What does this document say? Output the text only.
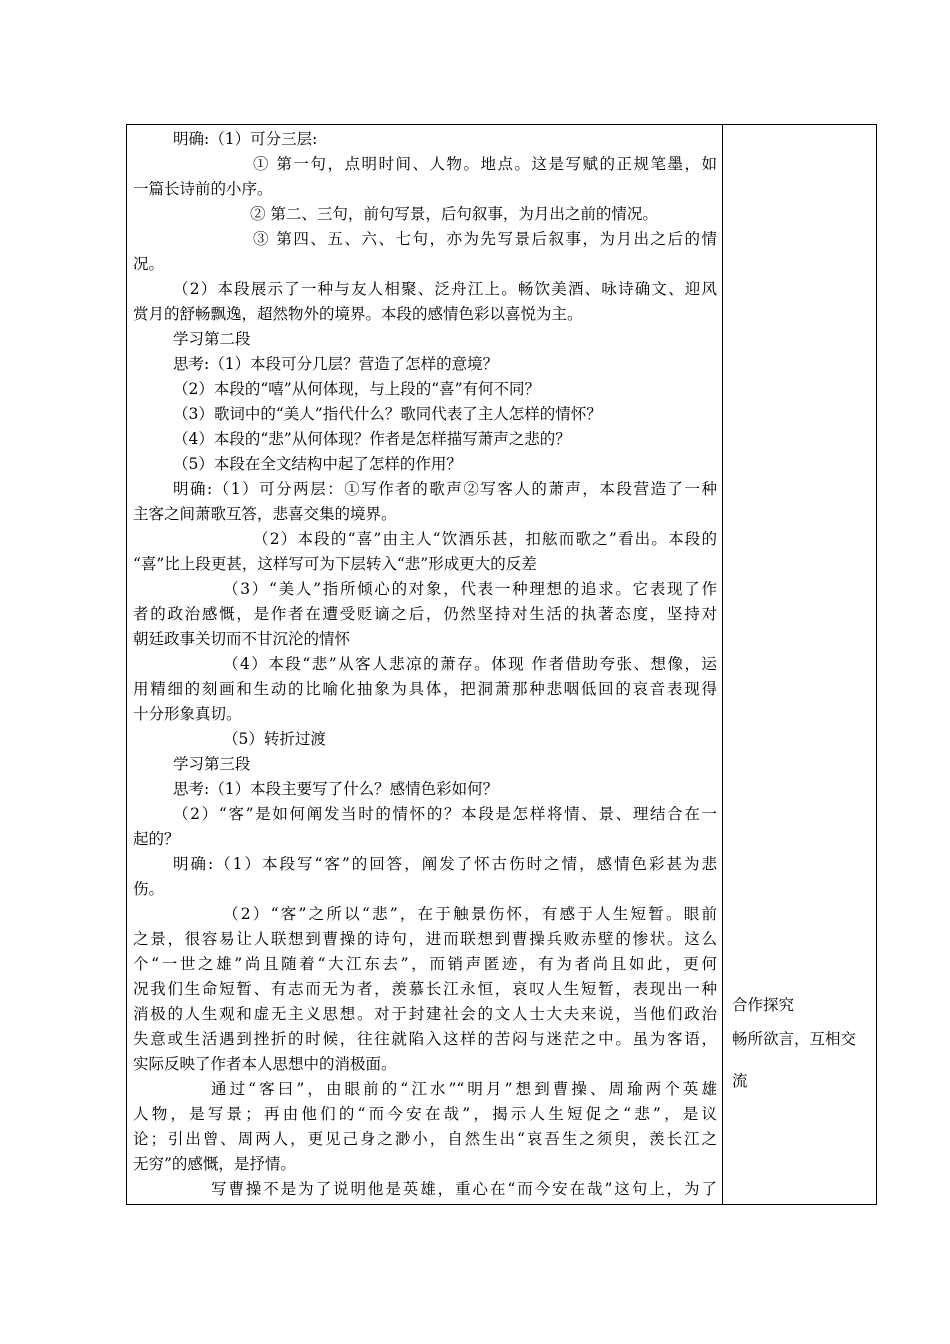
明确:（1）可分三层:
① 第一句，点明时间、人物。地点。这是写赋的正规笔墨，如
一篇长诗前的小序。
② 第二、三句，前句写景，后句叙事，为月出之前的情况。
③ 第四、五、六、七句，亦为先写景后叙事，为月出之后的情
况。
（2）本段展示了一种与友人相聚、泛舟江上。畅饮美酒、咏诗确文、迎风
赏月的舒畅飘逸，超然物外的境界。本段的感情色彩以喜悦为主。
学习第二段
思考:（1）本段可分几层？营造了怎样的意境？
（2）本段的“嘻”从何体现，与上段的“喜”有何不同？
（3）歌词中的“美人”指代什么？歌同代表了主人怎样的情怀？
（4）本段的“悲”从何体现？作者是怎样描写萧声之悲的？
（5）本段在全文结构中起了怎样的作用？
明确:（1）可分两层：①写作者的歌声②写客人的萧声，本段营造了一种
主客之间萧歌互答，悲喜交集的境界。
（2）本段的“喜”由主人“饮酒乐甚，扣舷而歌之”看出。本段的
“喜”比上段更甚，这样写可为下层转入“悲”形成更大的反差
（3）“美人”指所倾心的对象，代表一种理想的追求。它表现了作
者的政治感慨，是作者在遭受贬谪之后，仍然坚持对生活的执著态度，坚持对
朝廷政事关切而不甘沉沦的情怀
（4）本段“悲”从客人悲凉的萧存。体现 作者借助夸张、想像，运
用精细的刻画和生动的比喻化抽象为具体，把洞萧那种悲咽低回的哀音表现得
十分形象真切。
（5）转折过渡
学习第三段
思考:（1）本段主要写了什么？感情色彩如何？
（2）“客”是如何阐发当时的情怀的？本段是怎样将情、景、理结合在一
起的？
明确:（1）本段写“客”的回答，阐发了怀古伤时之情，感情色彩甚为悲
伤。
（2）“客”之所以“悲”，在于触景伤怀，有感于人生短暂。眼前
之景，很容易让人联想到曹操的诗句，进而联想到曹操兵败赤壁的惨状。这么
个“一世之雄”尚且随着“大江东去”，而销声匿迹，有为者尚且如此，更何
况我们生命短暂、有志而无为者，羡慕长江永恒，哀叹人生短暂，表现出一种
消极的人生观和虚无主义思想。对于封建社会的文人士大夫来说，当他们政治
失意或生活遇到挫折的时候，往往就陷入这样的苦闷与迷茫之中。虽为客语，
实际反映了作者本人思想中的消极面。
通过“客曰”，由眼前的“江水”“明月”想到曹操、周瑜两个英雄
人物，是写景；再由他们的“而今安在哉”，揭示人生短促之“悲”，是议
论；引出曾、周两人，更见己身之渺小，自然生出“哀吾生之须臾，羡长江之
无穷”的感慨，是抒情。
写曹操不是为了说明他是英雄，重心在“而今安在哉”这句上，为了
合作探究
畅所欲言，互相交
流
